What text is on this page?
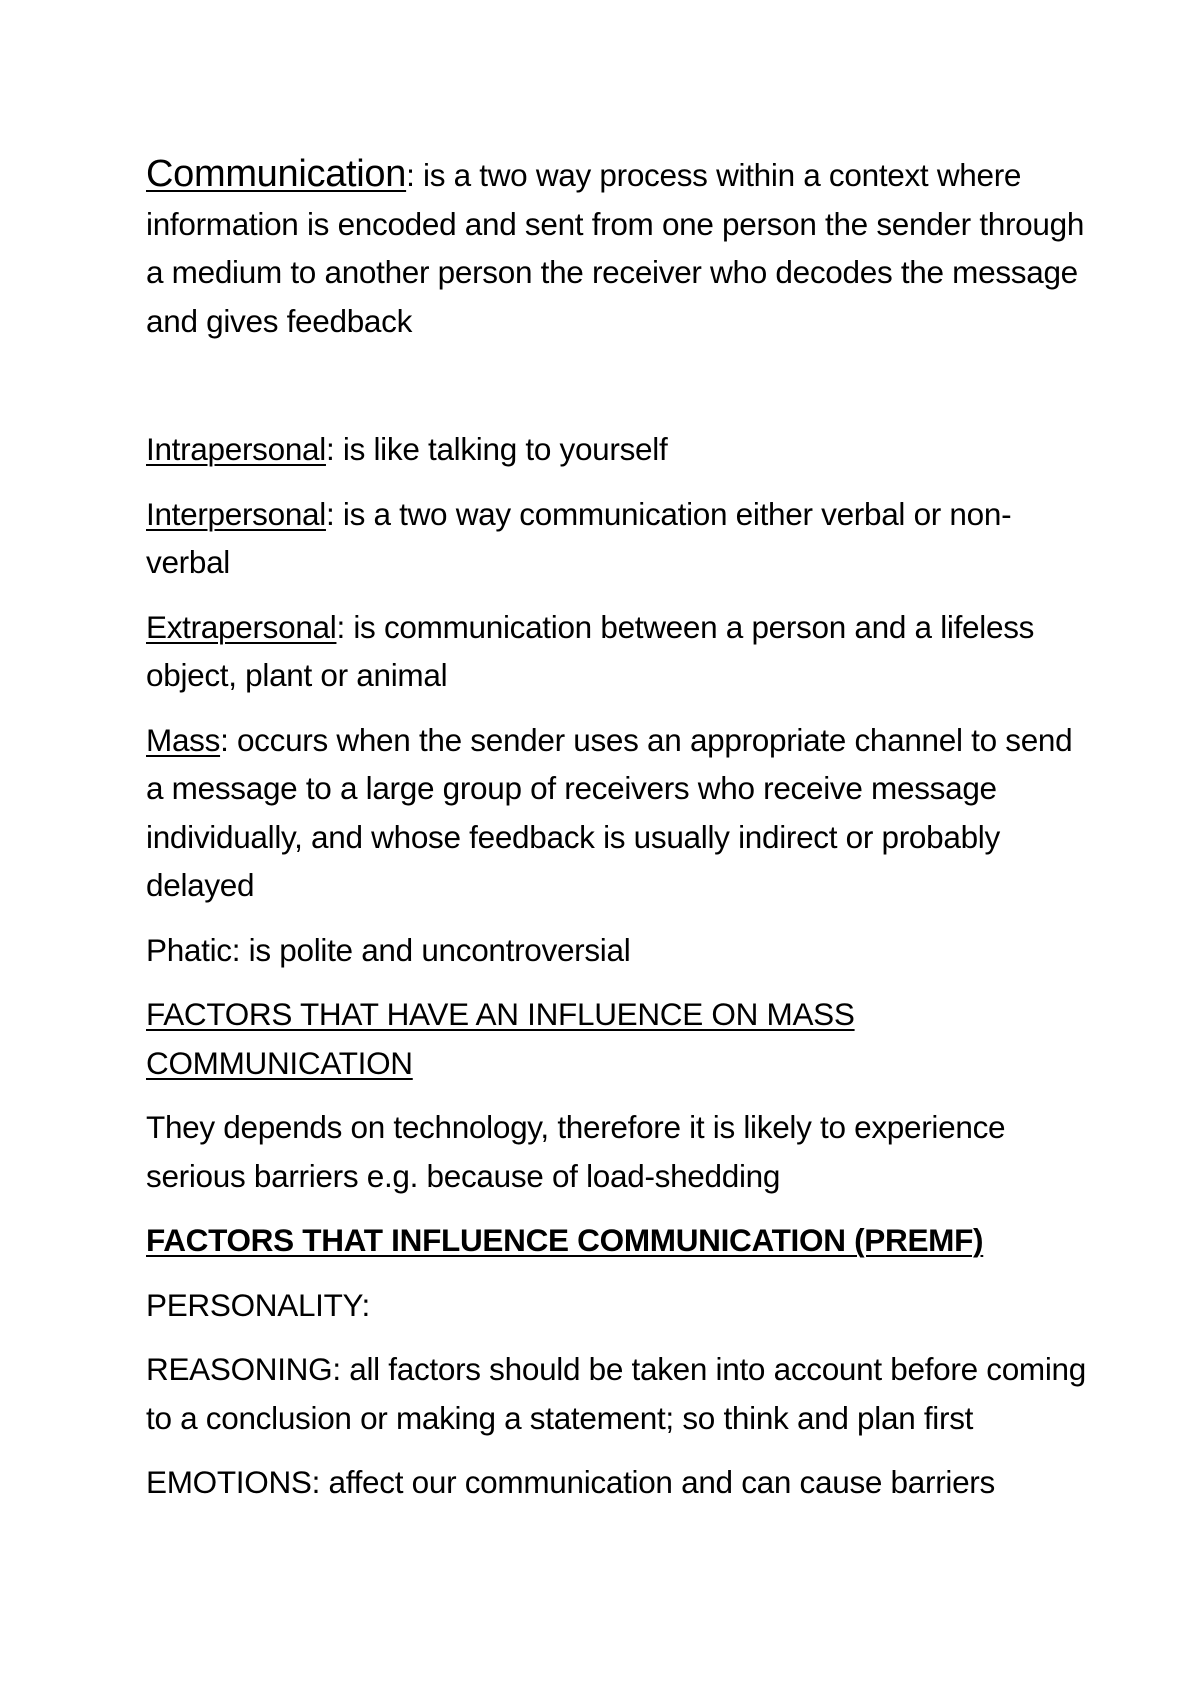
Communication: is a two way process within a context where information is encoded and sent from one person the sender through a medium to another person the receiver who decodes the message and gives feedback

Intrapersonal: is like talking to yourself

Interpersonal: is a two way communication either verbal or non-verbal

Extrapersonal: is communication between a person and a lifeless object, plant or animal

Mass: occurs when the sender uses an appropriate channel to send a message to a large group of receivers who receive message individually, and whose feedback is usually indirect or probably delayed

Phatic: is polite and uncontroversial

FACTORS THAT HAVE AN INFLUENCE ON MASS COMMUNICATION

They depends on technology, therefore it is likely to experience serious barriers e.g. because of load-shedding

FACTORS THAT INFLUENCE COMMUNICATION (PREMF)

PERSONALITY:

REASONING: all factors should be taken into account before coming to a conclusion or making a statement; so think and plan first

EMOTIONS: affect our communication and can cause barriers
